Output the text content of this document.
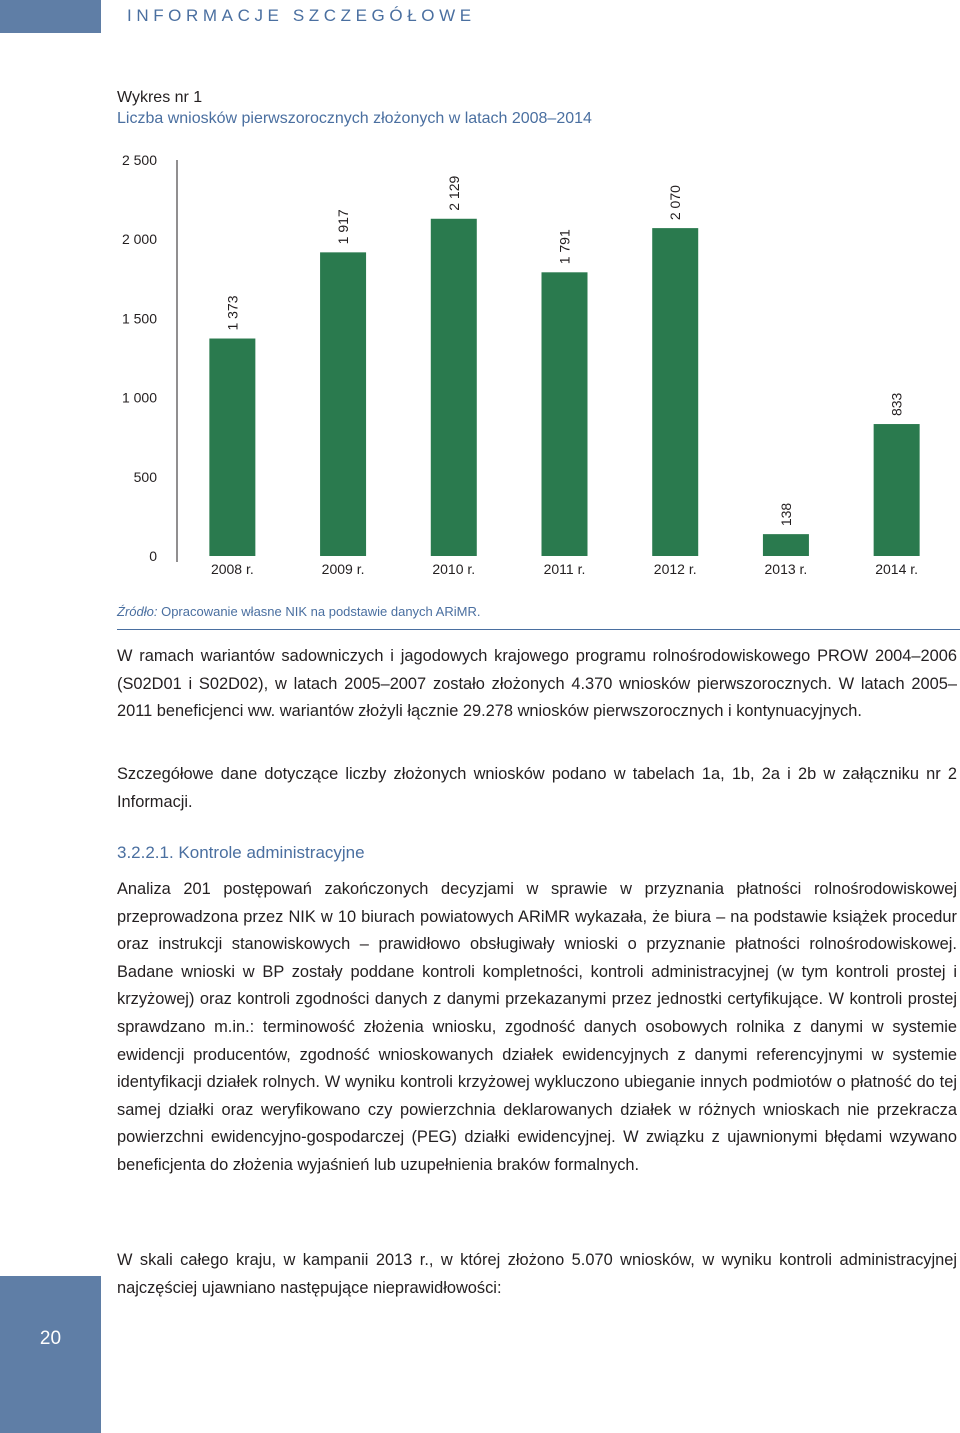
INFORMACJE SZCZEGÓŁOWE
Wykres nr 1
Liczba wniosków pierwszorocznych złożonych w latach 2008–2014
0
500
1 000
1 500
2 000
2 500
1 373
1 917
2 129
1 791
2 070
138
833
2008 r.	2009 r.	2010 r.	2011 r.	2012 r.	2013 r.	2014 r.
Źródło: Opracowanie własne NIK na podstawie danych ARiMR.
W ramach wariantów sadowniczych i jagodowych krajowego programu rolnośrodowiskowego PROW 2004–2006 (S02D01 i S02D02), w latach 2005–2007 zostało złożonych 4.370 wniosków pierwszorocznych. W latach 2005–2011 beneficjenci ww. wariantów złożyli łącznie 29.278 wniosków pierwszorocznych i kontynuacyjnych.
Szczegółowe dane dotyczące liczby złożonych wniosków podano w tabelach 1a, 1b, 2a i 2b w załączniku nr 2 Informacji.
3.2.2.1. Kontrole administracyjne
Analiza 201 postępowań zakończonych decyzjami w sprawie w przyznania płatności rolnośrodowiskowej przeprowadzona przez NIK w 10 biurach powiatowych ARiMR wykazała, że biura – na podstawie książek procedur oraz instrukcji stanowiskowych – prawidłowo obsługiwały wnioski o przyznanie płatności rolnośrodowiskowej. Badane wnioski w BP zostały poddane kontroli kompletności, kontroli administracyjnej (w tym kontroli prostej i krzyżowej) oraz kontroli zgodności danych z danymi przekazanymi przez jednostki certyfikujące. W kontroli prostej sprawdzano m.in.: terminowość złożenia wniosku, zgodność danych osobowych rolnika z danymi w systemie ewidencji producentów, zgodność wnioskowanych działek ewidencyjnych z danymi referencyjnymi w systemie identyfikacji działek rolnych. W wyniku kontroli krzyżowej wykluczono ubieganie innych podmiotów o płatność do tej samej działki oraz weryfikowano czy powierzchnia deklarowanych działek w różnych wnioskach nie przekracza powierzchni ewidencyjno-gospodarczej (PEG) działki ewidencyjnej. W związku z ujawnionymi błędami wzywano beneficjenta do złożenia wyjaśnień lub uzupełnienia braków formalnych.
W skali całego kraju, w kampanii 2013 r., w której złożono 5.070 wniosków, w wyniku kontroli administracyjnej najczęściej ujawniano następujące nieprawidłowości:
20
